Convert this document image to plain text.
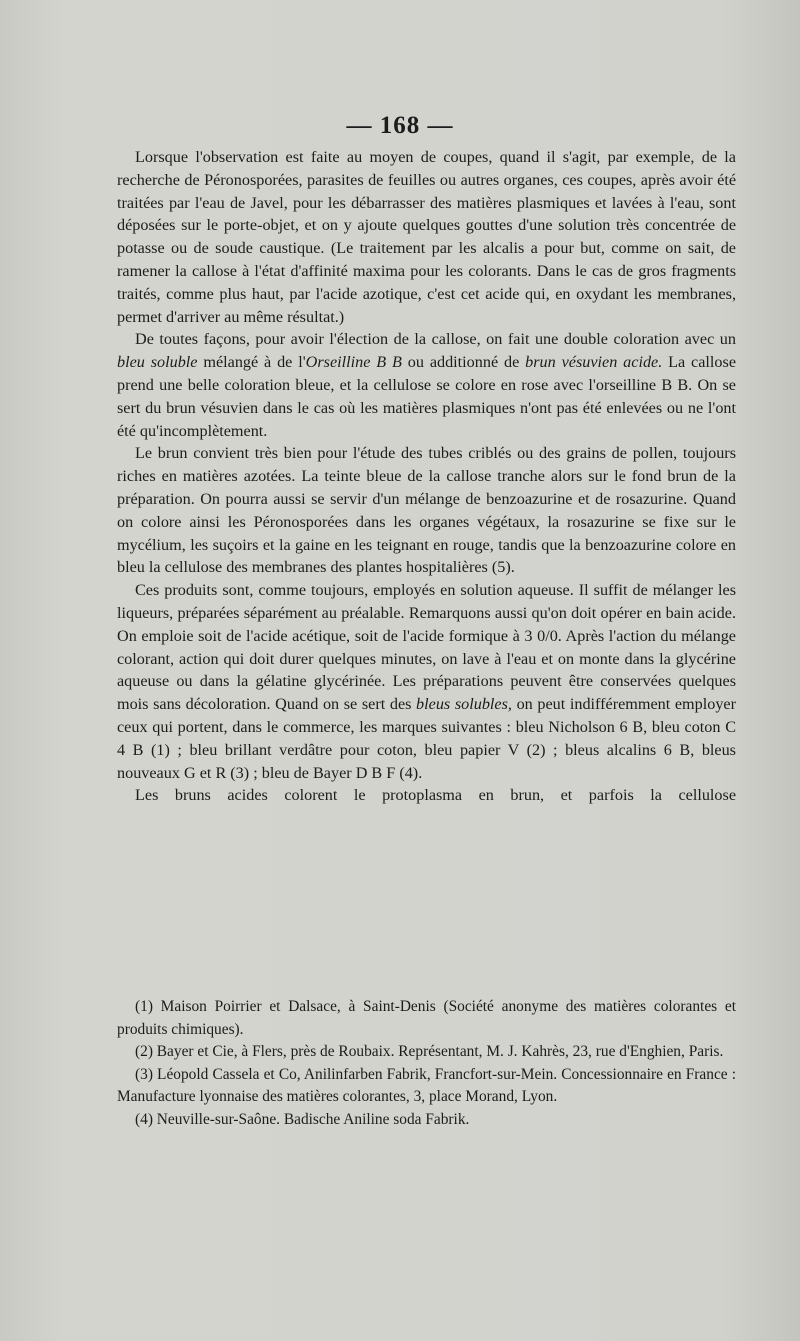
— 168 —

Lorsque l'observation est faite au moyen de coupes, quand il s'agit, par exemple, de la recherche de Péronosporées, parasites de feuilles ou autres organes, ces coupes, après avoir été traitées par l'eau de Javel, pour les débarrasser des matières plasmiques et lavées à l'eau, sont déposées sur le porte-objet, et on y ajoute quelques gouttes d'une solution très concentrée de potasse ou de soude caustique. (Le traitement par les alcalis a pour but, comme on sait, de ramener la callose à l'état d'affinité maxima pour les colorants. Dans le cas de gros fragments traités, comme plus haut, par l'acide azotique, c'est cet acide qui, en oxydant les membranes, permet d'arriver au même résultat.)

De toutes façons, pour avoir l'élection de la callose, on fait une double coloration avec un bleu soluble mélangé à de l'Orseilline B B ou additionné de brun vésuvien acide. La callose prend une belle coloration bleue, et la cellulose se colore en rose avec l'orseilline B B. On se sert du brun vésuvien dans le cas où les matières plasmiques n'ont pas été enlevées ou ne l'ont été qu'incomplètement.

Le brun convient très bien pour l'étude des tubes criblés ou des grains de pollen, toujours riches en matières azotées. La teinte bleue de la callose tranche alors sur le fond brun de la préparation. On pourra aussi se servir d'un mélange de benzoazurine et de rosazurine. Quand on colore ainsi les Péronosporées dans les organes végétaux, la rosazurine se fixe sur le mycélium, les suçoirs et la gaine en les teignant en rouge, tandis que la benzoazurine colore en bleu la cellulose des membranes des plantes hospitalières (5).

Ces produits sont, comme toujours, employés en solution aqueuse. Il suffit de mélanger les liqueurs, préparées séparément au préalable. Remarquons aussi qu'on doit opérer en bain acide. On emploie soit de l'acide acétique, soit de l'acide formique à 3 0/0. Après l'action du mélange colorant, action qui doit durer quelques minutes, on lave à l'eau et on monte dans la glycérine aqueuse ou dans la gélatine glycérinée. Les préparations peuvent être conservées quelques mois sans décoloration. Quand on se sert des bleus solubles, on peut indifféremment employer ceux qui portent, dans le commerce, les marques suivantes : bleu Nicholson 6 B, bleu coton C 4 B (1) ; bleu brillant verdâtre pour coton, bleu papier V (2) ; bleus alcalins 6 B, bleus nouveaux G et R (3) ; bleu de Bayer D B F (4).

Les bruns acides colorent le protoplasma en brun, et parfois la cellulose

(1) Maison Poirrier et Dalsace, à Saint-Denis (Société anonyme des matières colorantes et produits chimiques).

(2) Bayer et Cie, à Flers, près de Roubaix. Représentant, M. J. Kahrès, 23, rue d'Enghien, Paris.

(3) Léopold Cassela et Co, Anilinfarben Fabrik, Francfort-sur-Mein. Concessionnaire en France : Manufacture lyonnaise des matières colorantes, 3, place Morand, Lyon.

(4) Neuville-sur-Saône. Badische Aniline soda Fabrik.
